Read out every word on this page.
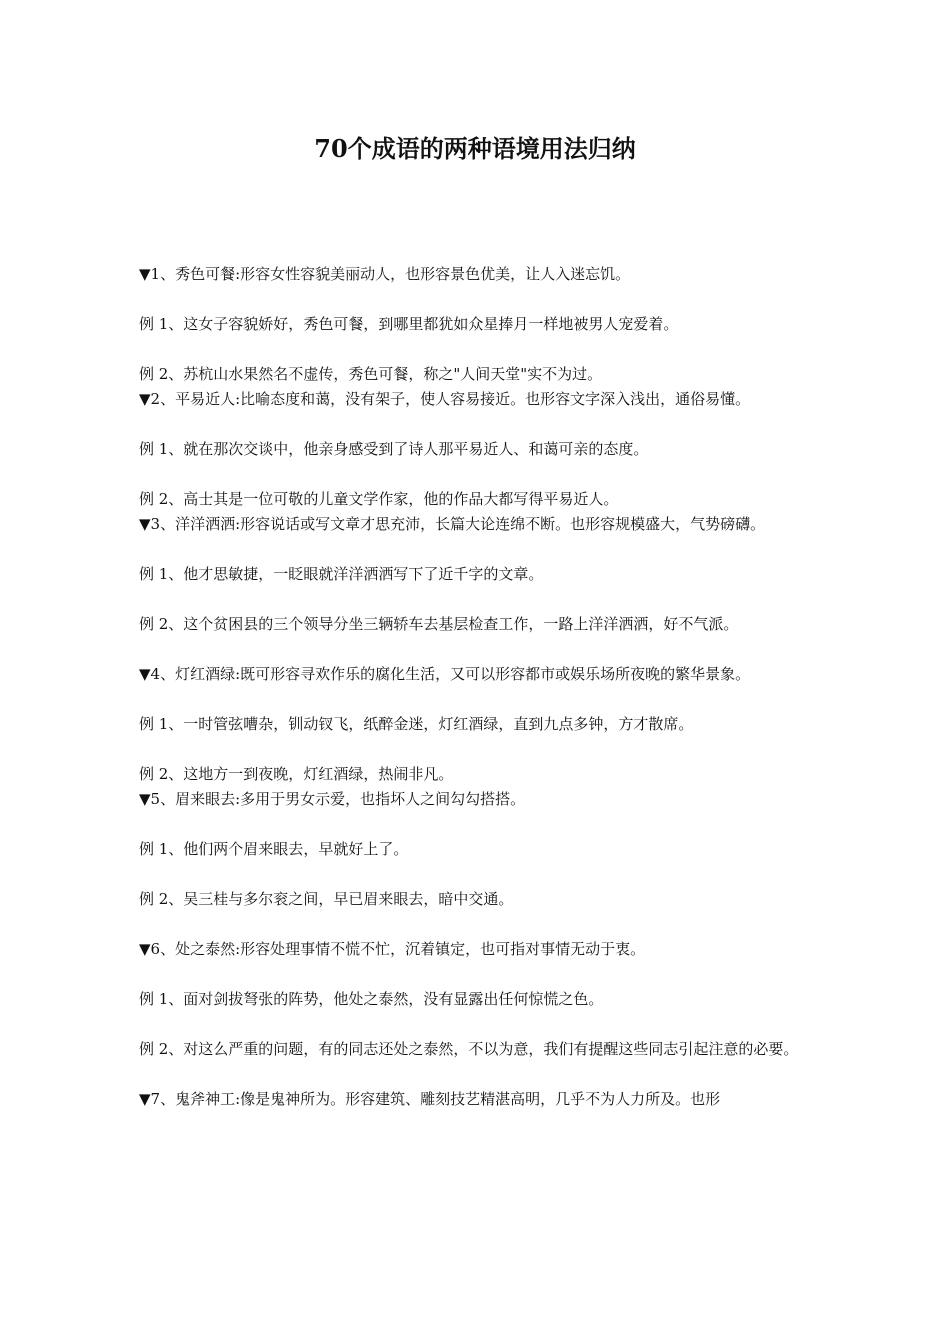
70个成语的两种语境用法归纳

▼1、秀色可餐:形容女性容貌美丽动人，也形容景色优美，让人入迷忘饥。

例 1、这女子容貌娇好，秀色可餐，到哪里都犹如众星捧月一样地被男人宠爱着。

例 2、苏杭山水果然名不虚传，秀色可餐，称之"人间天堂"实不为过。

▼2、平易近人:比喻态度和蔼，没有架子，使人容易接近。也形容文字深入浅出，通俗易懂。

例 1、就在那次交谈中，他亲身感受到了诗人那平易近人、和蔼可亲的态度。

例 2、高士其是一位可敬的儿童文学作家，他的作品大都写得平易近人。

▼3、洋洋洒洒:形容说话或写文章才思充沛，长篇大论连绵不断。也形容规模盛大，气势磅礴。

例 1、他才思敏捷，一眨眼就洋洋洒洒写下了近千字的文章。

例 2、这个贫困县的三个领导分坐三辆轿车去基层检查工作，一路上洋洋洒洒，好不气派。

▼4、灯红酒绿:既可形容寻欢作乐的腐化生活，又可以形容都市或娱乐场所夜晚的繁华景象。

例 1、一时管弦嘈杂，钏动钗飞，纸醉金迷，灯红酒绿，直到九点多钟，方才散席。

例 2、这地方一到夜晚，灯红酒绿，热闹非凡。

▼5、眉来眼去:多用于男女示爱，也指坏人之间勾勾搭搭。

例 1、他们两个眉来眼去，早就好上了。

例 2、吴三桂与多尔衮之间，早已眉来眼去，暗中交通。

▼6、处之泰然:形容处理事情不慌不忙，沉着镇定，也可指对事情无动于衷。

例 1、面对剑拔弩张的阵势，他处之泰然，没有显露出任何惊慌之色。

例 2、对这么严重的问题，有的同志还处之泰然，不以为意，我们有提醒这些同志引起注意的必要。

▼7、鬼斧神工:像是鬼神所为。形容建筑、雕刻技艺精湛高明，几乎不为人力所及。也形
